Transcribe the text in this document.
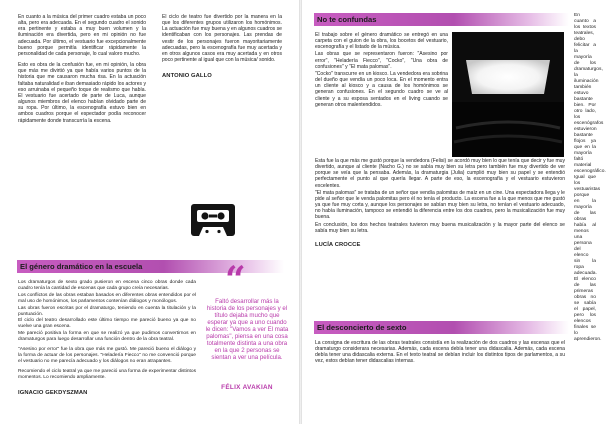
En cuanto a la música del primer cuadro estaba un poco alta, pero era adecuada. En el segundo cuadro el sonido era pertinente y estaba a muy buen volumen y la iluminación era divertida, pero en mi opinión no fue adecuada. Por último, el vestuario fue excepcionalmente bueno porque permitía identificar rápidamente la personalidad de cada personaje, lo cual valoro mucho.

Esto es obra de la confusión fue, en mi opinión, la obra que más me divirtió ya que había varios puntos de la historia que me causaron mucha risa. En la actuación faltaba naturalidad e iban demasiado rápido los actores y eso arruinaba el pequeño toque de realismo que había. El vestuario fue acertado de parte de Luca, aunque algunos miembros del elenco habían olvidado parte de su ropa. Por último, la escenografía estuvo bien en ambos cuadros porque el espectador podía reconocer rápidamente donde transcurría la escena.

El ciclo de teatro fue divertido por la manera en la que los diferentes grupos utilizaron los homónimos. La actuación fue muy buena y en algunos cuadros se identificaban con los personajes. Las prendas de vestir de los personajes fueron mayoritariamente adecuadas, pero la escenografía fue muy acertada y en otros algunos casos era muy acertada y en otros poco pertinente al igual que con la música/ sonido.

ANTONIO GALLO
El género dramático en la escuela

Los dramaturgos de sexto grado pusieron en escena cinco obras donde cada cuadro tenía la cantidad de escenas que cada grupo creía necesarias.

Los conflictos de las obras estaban basados en diferentes obras entendidos por el mal uso de homónimos, los parlamentos contenían diálogos y monólogos.

Las obras fueron escritas por el dramaturgo, teniendo en cuenta la titulación y la puntuación.

El ciclo del teatro desarrollado este último tiempo me pareció bueno ya que no vuelve una gran escena.

Me pareció positiva la forma en que se realizó ya que pudimos convertirnos en dramaturgos para luego desarrollar una función dentro de la obra teatral.

"Asesino por error" fue la obra que más me gustó. Me pareció bueno el diálogo y la forma de actuar de los personajes. "Heladería Fiecco" no me convenció porque el vestuario no me parecía adecuado y los diálogos no eran atrapantes.

Recomiendo el ciclo teatral ya que me pareció una forma de experimentar distintos momentos. Lo recomiendo ampliamente.

IGNACIO GEKDYSZMAN
“
Faltó desarrollar más la historia de los personajes y el título dejaba mucho que esperar ya que a uno cuando le dicen: "Vamos a ver El mata palomas", piensa en una cosa totalmente distinta a una obra en la que 2 personas se sientan a ver una película.
FÉLIX AVAKIAN
No te confundas

El trabajo sobre el género dramático se entregó en una carpeta con el guion de la obra, los bocetos del vestuario, escenografía y el listado de la música.

Las obras que se representaron fueron: "Asesino por error", "Heladería Fiecco", "Cocko", "Una obra de confusiones" y "El mata palomas".

"Cocko" transcurre en un kiosco. La vendedora era sobrina del dueño que vendía un poco loca. En el momento entra un cliente al kiosco y a causa de los homónimos se generan confusiones. En el segundo cuadro se ve al cliente y a su esposa sentados en el living cuando se generan otros malentendidos.

Esta fue la que más me gustó porque la vendedora (Felisi) se acordó muy bien lo que tenía que decir y fue muy divertido, aunque al cliente (Nacho G.) no se sabía muy bien su letra pero también fue muy divertido de ver porque se veía que la pensaba. Además, la dramaturgia (Julia) cumplió muy bien su papel y se entendió perfectamente el punto al que quería llegar. A parte de eso, la escenografía y el vestuario estuvieron excelentes.

"El mata palomas" se trataba de un señor que vendía palomitas de maíz en un cine. Una espectadora llega y le pide al señor que le venda palomitas pero él no tenía el producto. La escena fue a la que menos que me gustó ya que fue muy corta y, aunque los personajes se sabían muy bien su letra, no tenían el vestuario adecuado, no había iluminación, tampoco se entendió la diferencia entre los dos cuadros, pero la musicalización fue muy buena.

En conclusión, los dos hechos teatrales tuvieron muy buena musicalización y la mayor parte del elenco se sabía muy bien su letra.

LUCÍA CROCCE
El desconcierto de sexto

La consigna de escritura de las obras teatrales consistía en la realización de dos cuadros y las escenas que el dramaturgo considerara necesarias. Además, cada escena debía tener una didascalia. Además, cada escena debía tener una didascalia externa. En el texto teatral se debían incluir los distintos tipos de parlamentos, a su vez, estos debían tener didascalias internas.

En cuanto a los textos teatrales, debo felicitar a la mayoría de los dramaturgos, la iluminación también estuvo bastante bien. Por otro lado, los escenógrafos estuvieron bastante flojos ya que en la mayoría faltó material escenográfico. Igual que los vestuaristas porque en la mayoría de las obras había al menos una persona del elenco sin la ropa adecuada. El elenco de las primeras obras no se sabía el papel, pero los elencos finales se lo aprendieron.
